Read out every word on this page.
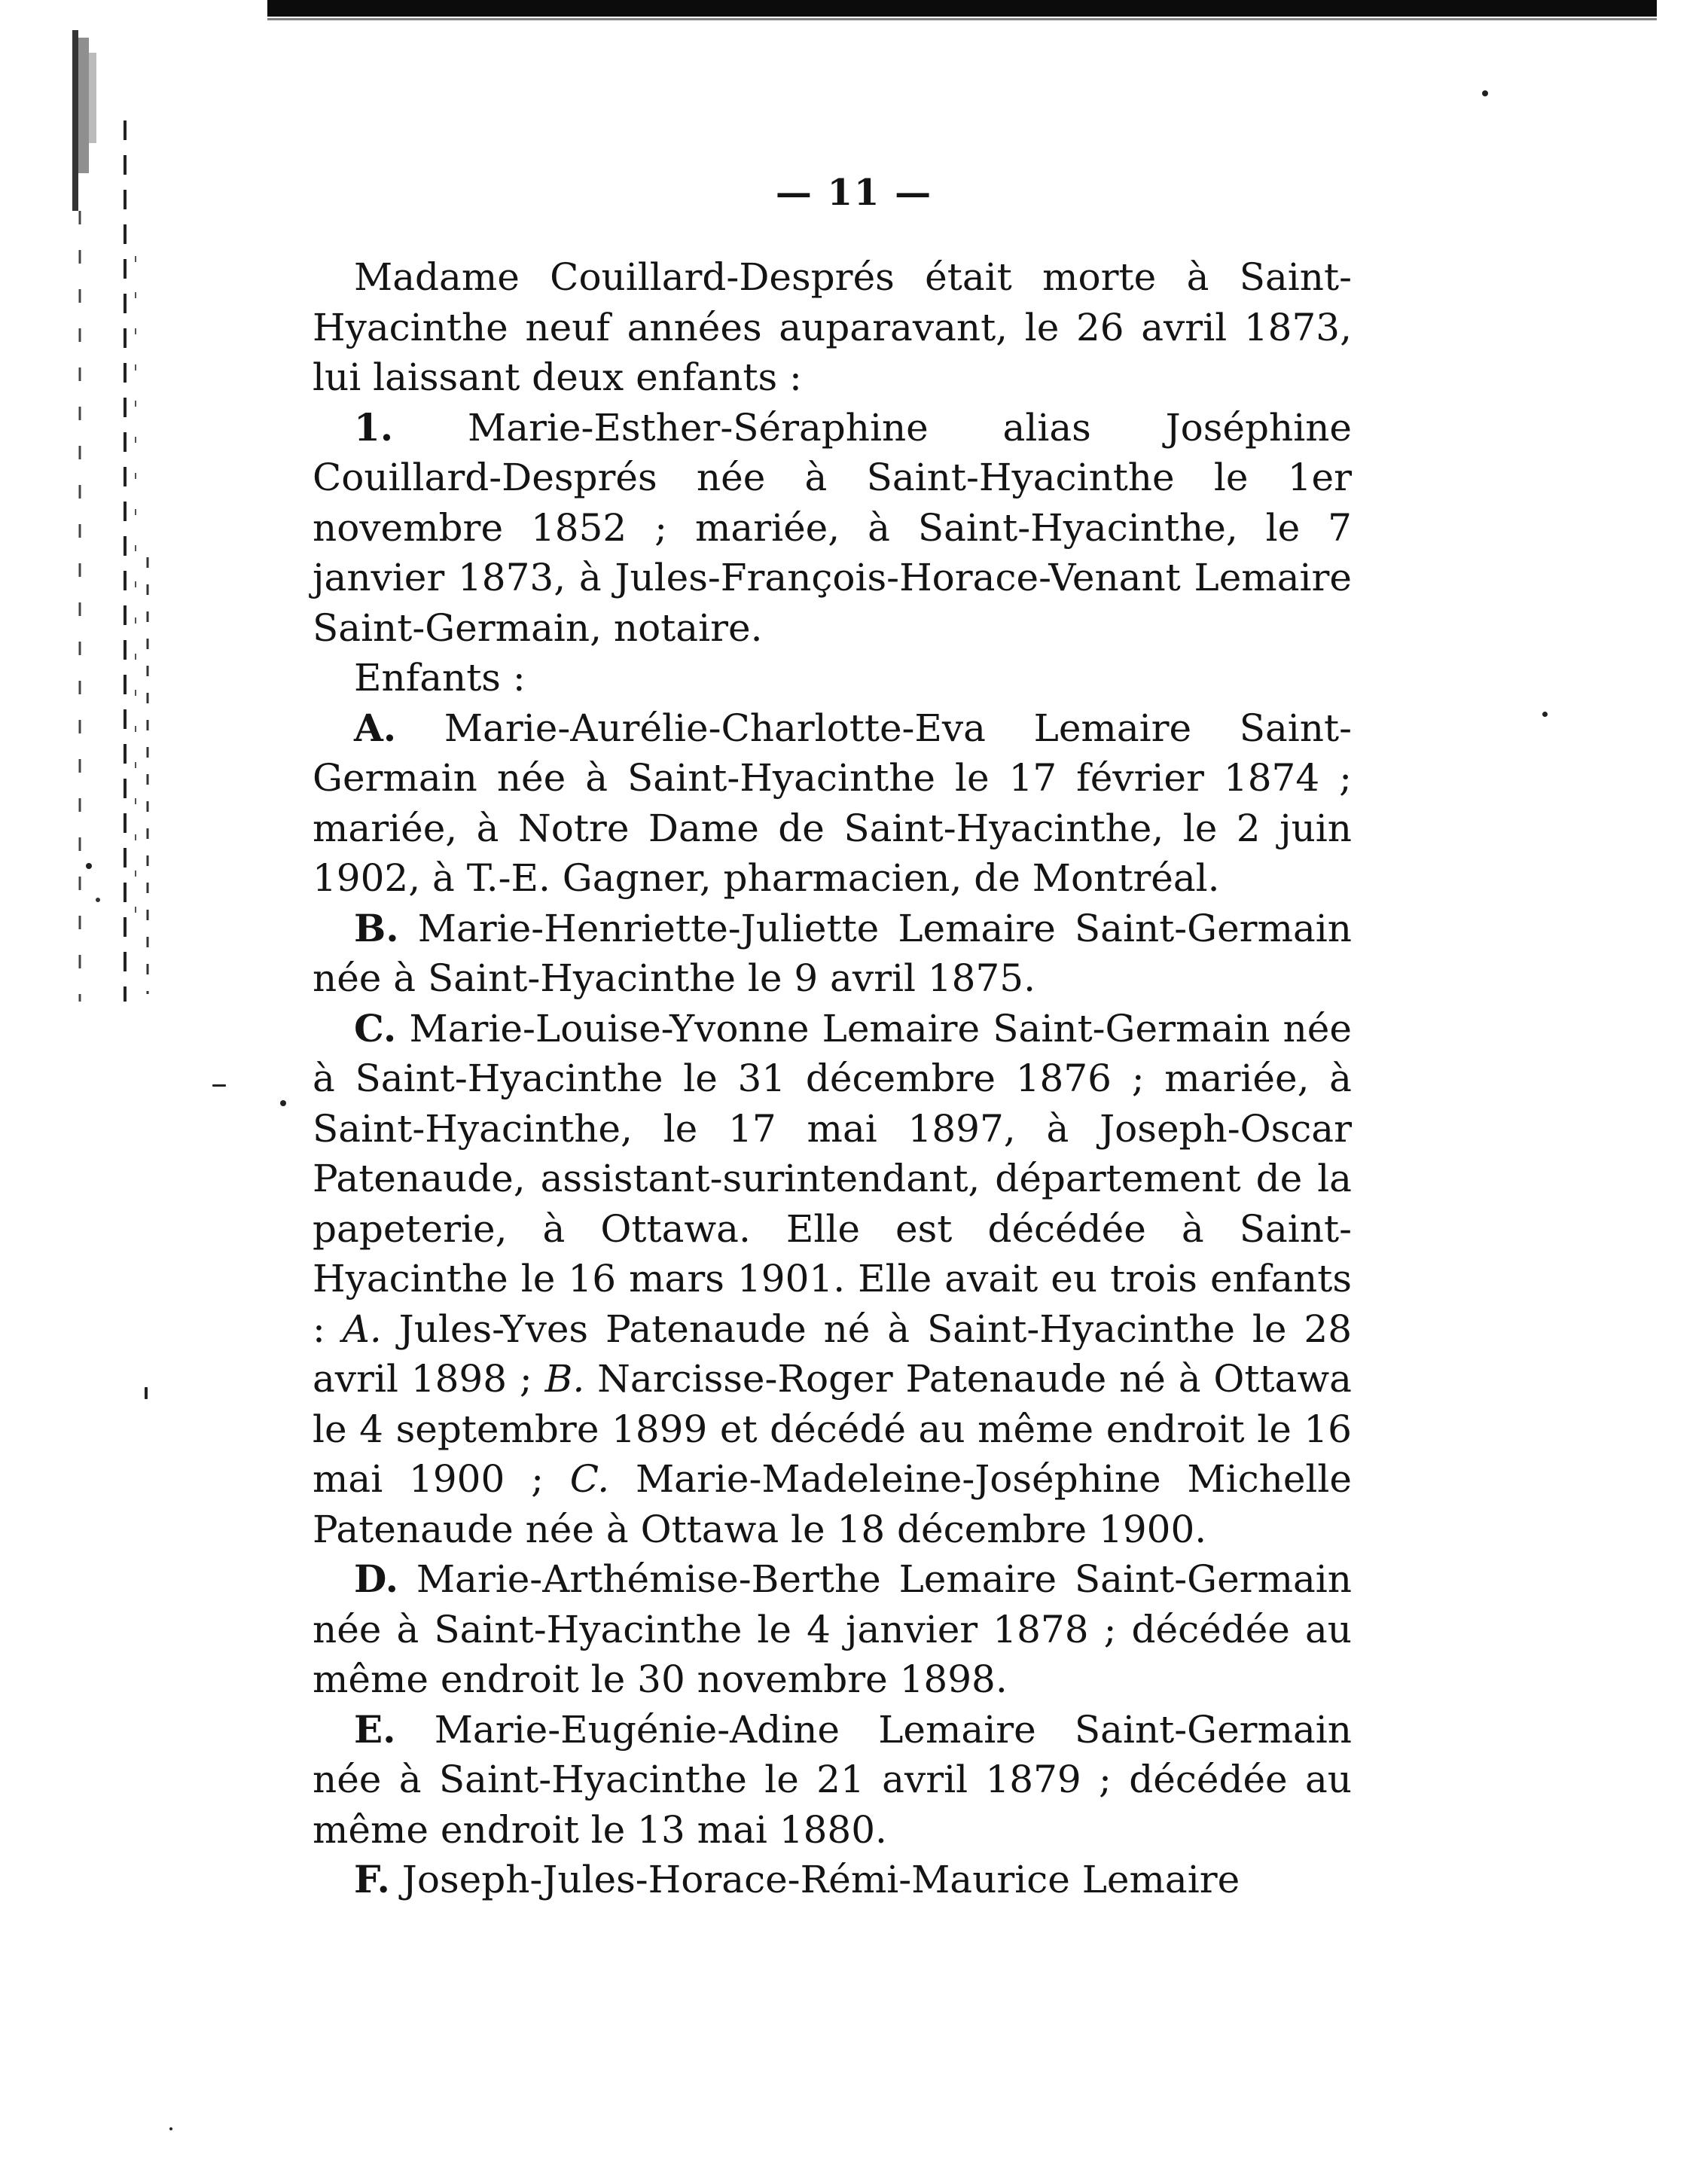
— 11 —

Madame Couillard-Després était morte à Saint-Hyacinthe neuf années auparavant, le 26 avril 1873, lui laissant deux enfants :

1. Marie-Esther-Séraphine alias Joséphine Couillard-Després née à Saint-Hyacinthe le 1er novembre 1852 ; mariée, à Saint-Hyacinthe, le 7 janvier 1873, à Jules-François-Horace-Venant Lemaire Saint-Germain, notaire.

Enfants :

A. Marie-Aurélie-Charlotte-Eva Lemaire Saint-Germain née à Saint-Hyacinthe le 17 février 1874 ; mariée, à Notre Dame de Saint-Hyacinthe, le 2 juin 1902, à T.-E. Gagner, pharmacien, de Montréal.

B. Marie-Henriette-Juliette Lemaire Saint-Germain née à Saint-Hyacinthe le 9 avril 1875.

C. Marie-Louise-Yvonne Lemaire Saint-Germain née à Saint-Hyacinthe le 31 décembre 1876 ; mariée, à Saint-Hyacinthe, le 17 mai 1897, à Joseph-Oscar Patenaude, assistant-surintendant, département de la papeterie, à Ottawa. Elle est décédée à Saint-Hyacinthe le 16 mars 1901. Elle avait eu trois enfants : A. Jules-Yves Patenaude né à Saint-Hyacinthe le 28 avril 1898 ; B. Narcisse-Roger Patenaude né à Ottawa le 4 septembre 1899 et décédé au même endroit le 16 mai 1900 ; C. Marie-Madeleine-Joséphine Michelle Patenaude née à Ottawa le 18 décembre 1900.

D. Marie-Arthémise-Berthe Lemaire Saint-Germain née à Saint-Hyacinthe le 4 janvier 1878 ; décédée au même endroit le 30 novembre 1898.

E. Marie-Eugénie-Adine Lemaire Saint-Germain née à Saint-Hyacinthe le 21 avril 1879 ; décédée au même endroit le 13 mai 1880.

F. Joseph-Jules-Horace-Rémi-Maurice Lemaire
